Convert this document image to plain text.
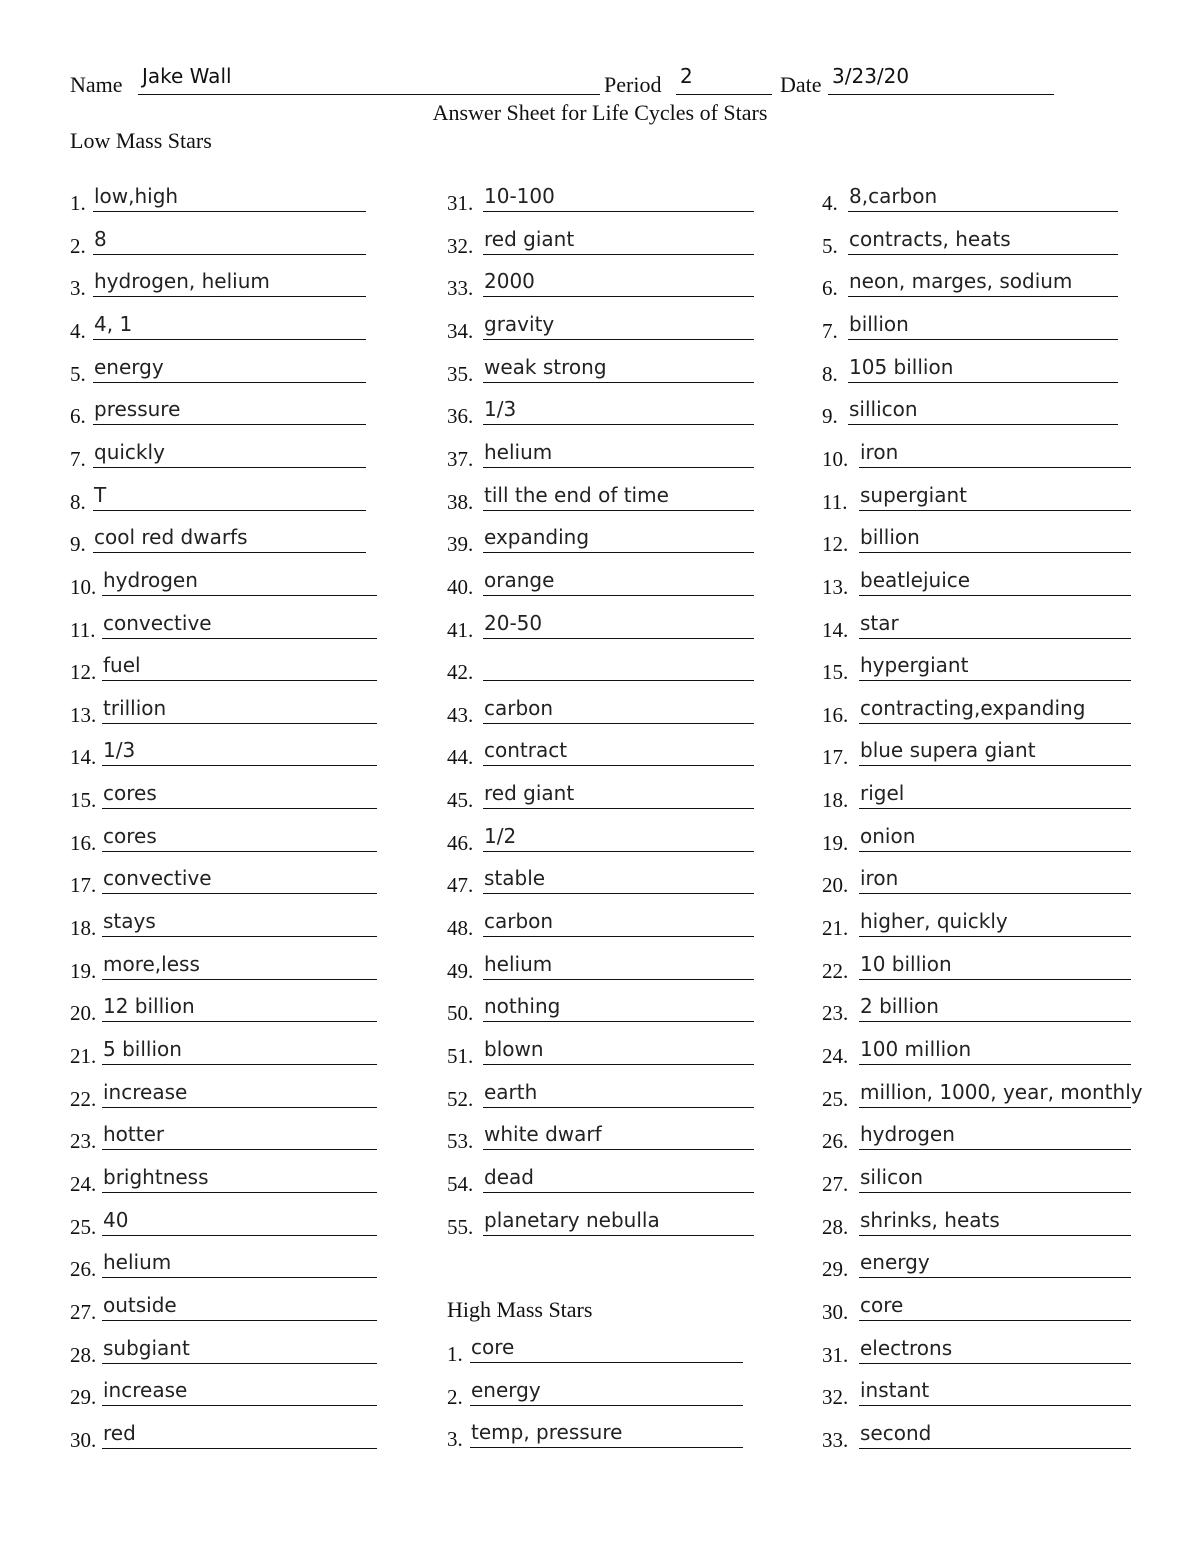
Name Jake Wall	Period 2	Date 3/23/20
Answer Sheet for Life Cycles of Stars
Low Mass Stars
High Mass Stars
1. low,high
2. 8
3. hydrogen, helium
4. 4, 1
5. energy
6. pressure
7. quickly
8. T
9. cool red dwarfs
10. hydrogen
11. convective
12. fuel
13. trillion
14. 1/3
15. cores
16. cores
17. convective
18. stays
19. more,less
20. 12 billion
21. 5 billion
22. increase
23. hotter
24. brightness
25. 40
26. helium
27. outside
28. subgiant
29. increase
30. red
31. 10-100
32. red giant
33. 2000
34. gravity
35. weak strong
36. 1/3
37. helium
38. till the end of time
39. expanding
40. orange
41. 20-50
42.
43. carbon
44. contract
45. red giant
46. 1/2
47. stable
48. carbon
49. helium
50. nothing
51. blown
52. earth
53. white dwarf
54. dead
55. planetary nebulla
1. core
2. energy
3. temp, pressure
4. 8,carbon
5. contracts, heats
6. neon, marges, sodium
7. billion
8. 105 billion
9. sillicon
10. iron
11. supergiant
12. billion
13. beatlejuice
14. star
15. hypergiant
16. contracting,expanding
17. blue supera giant
18. rigel
19. onion
20. iron
21. higher, quickly
22. 10 billion
23. 2 billion
24. 100 million
25. million, 1000, year, monthly
26. hydrogen
27. silicon
28. shrinks, heats
29. energy
30. core
31. electrons
32. instant
33. second
